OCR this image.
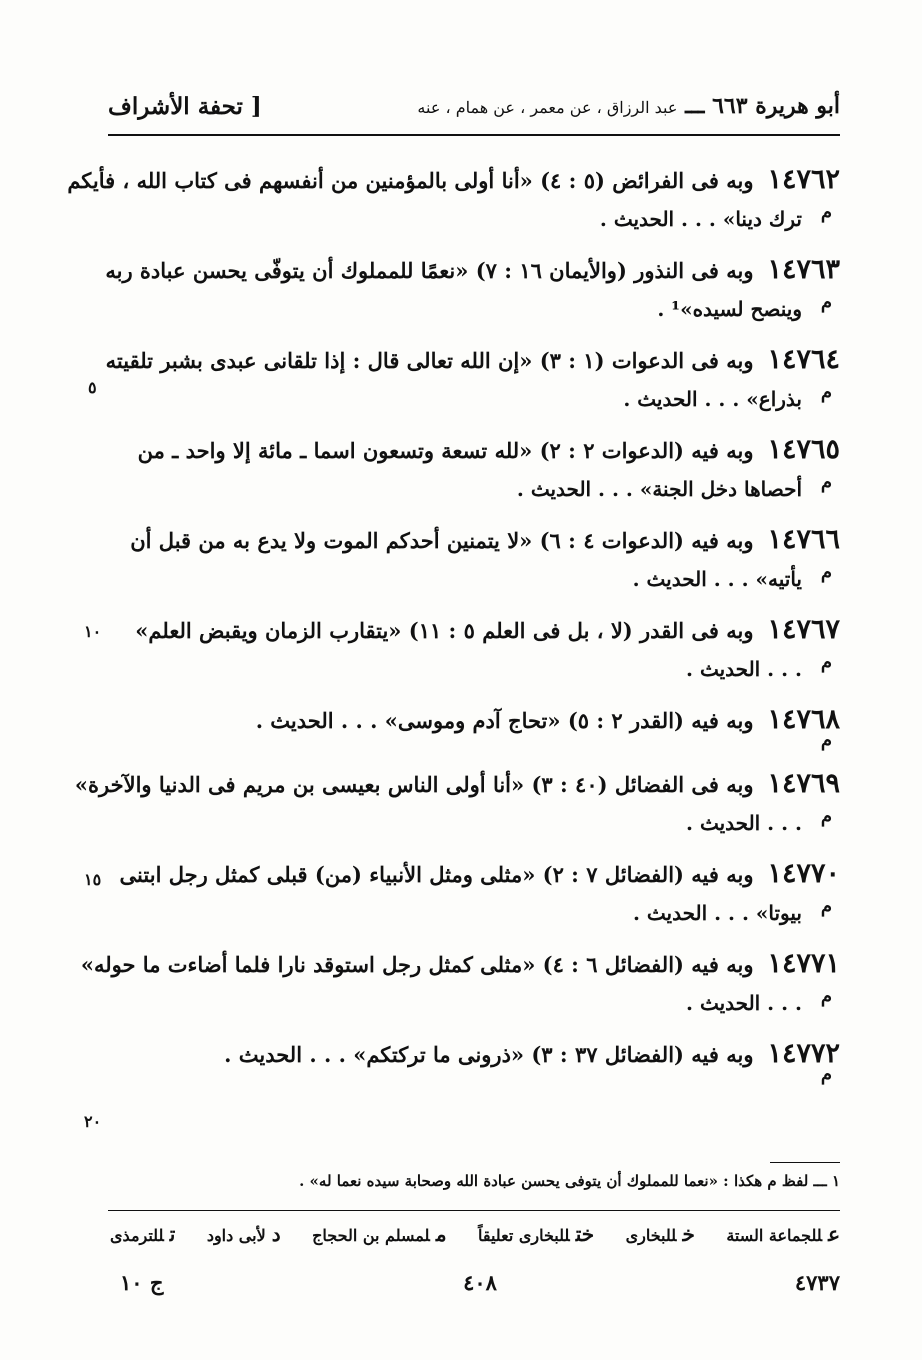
أبو هريرة ٦٦٣ ـــ عبد الرزاق ، عن معمر ، عن همام ، عنه
[ تحفة الأشراف
١٤٧٦٢
وبه فى الفرائض (٥ : ٤) «أنا أولى بالمؤمنين من أنفسهم فى كتاب الله ، فأيكم
ترك دينا» . . . الحديث .	م
١٤٧٦٣
وبه فى النذور (والأيمان ١٦ : ٧) «نعمًا للمملوك أن يتوفّى يحسن عبادة ربه
وينصح لسيده»¹ .	م
١٤٧٦٤
وبه فى الدعوات (١ : ٣) «إن الله تعالى قال : إذا تلقانى عبدى بشبر تلقيته
بذراع» . . . الحديث .	م
١٤٧٦٥
وبه فيه (الدعوات ٢ : ٢) «لله تسعة وتسعون اسما ـ مائة إلا واحد ـ من
أحصاها دخل الجنة» . . . الحديث .	م
١٤٧٦٦
وبه فيه (الدعوات ٤ : ٦) «لا يتمنين أحدكم الموت ولا يدع به من قبل أن
يأتيه» . . . الحديث .	م
١٤٧٦٧
وبه فى القدر (لا ، بل فى العلم ٥ : ١١) «يتقارب الزمان ويقبض العلم»
. . . الحديث .	م
١٤٧٦٨
وبه فيه (القدر ٢ : ٥) «تحاج آدم وموسى» . . . الحديث .
م
١٤٧٦٩
وبه فى الفضائل (٤٠ : ٣) «أنا أولى الناس بعيسى بن مريم فى الدنيا والآخرة»
. . . الحديث .	م
١٤٧٧٠
وبه فيه (الفضائل ٧ : ٢) «مثلى ومثل الأنبياء (من) قبلى كمثل رجل ابتنى
بيوتا» . . . الحديث .	م
١٤٧٧١
وبه فيه (الفضائل ٦ : ٤) «مثلى كمثل رجل استوقد نارا فلما أضاءت ما حوله»
. . . الحديث .	م
١٤٧٧٢
وبه فيه (الفضائل ٣٧ : ٣) «ذرونى ما تركتكم» . . . الحديث .
م
٥
١٠
١٥
٢٠
١ ـــ لفظ م هكذا : «نعما للمملوك أن يتوفى يحسن عبادة الله وصحابة سيده نعما له» .
عللجماعة الستة
خللبخارى
ختللبخارى تعليقاً
ملمسلم بن الحجاج
دلأبى داود
تللترمذى
٤٧٣٧
٤٠٨
ج ١٠
